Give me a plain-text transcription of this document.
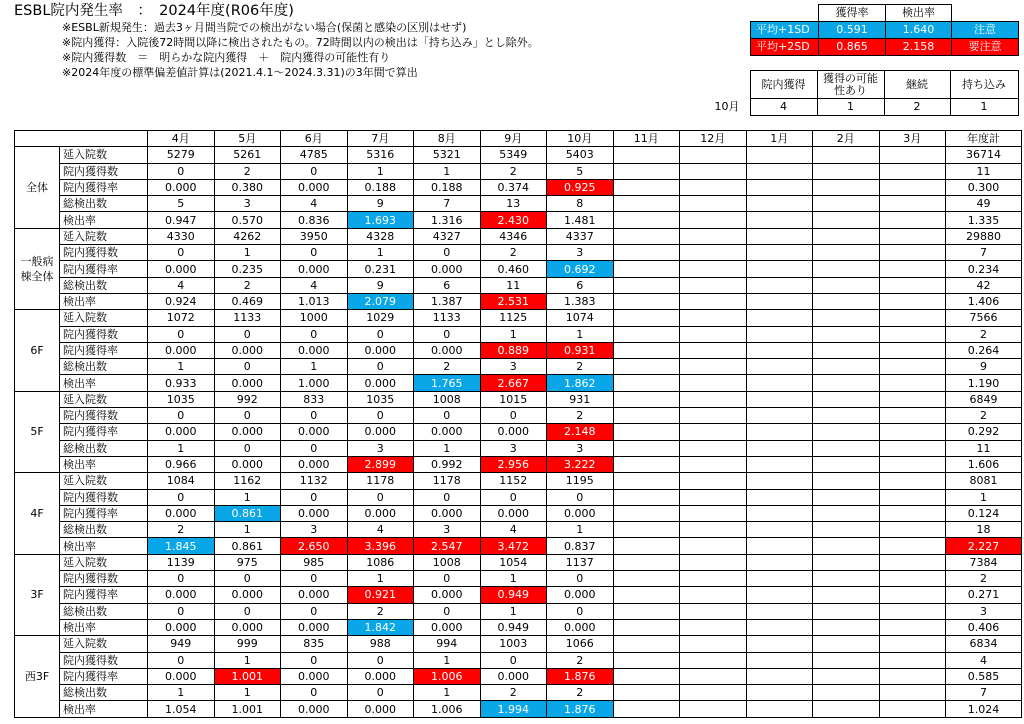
ESBL院内発生率　：　2024年度(R06年度)
※ESBL新規発生：過去3ヶ月間当院での検出がない場合(保菌と感染の区別はせず)
※院内獲得：入院後72時間以降に検出されたもの。72時間以内の検出は「持ち込み」とし除外。
※院内獲得数　＝　明らかな院内獲得　＋　院内獲得の可能性有り
※2024年度の標準偏差値計算は(2021.4.1～2024.3.31)の3年間で算出
	獲得率	検出率	
平均+1SD	0.591	1.640	注意
平均+2SD	0.865	2.158	要注意
	院内獲得	獲得の可能性あり	継続	持ち込み
10月	4	1	2	1
		4月	5月	6月	7月	8月	9月	10月	11月	12月	1月	2月	3月	年度計
全体	延入院数	5279	5261	4785	5316	5321	5349	5403						36714
	院内獲得数	0	2	0	1	1	2	5						11
	院内獲得率	0.000	0.380	0.000	0.188	0.188	0.374	0.925						0.300
	総検出数	5	3	4	9	7	13	8						49
	検出率	0.947	0.570	0.836	1.693	1.316	2.430	1.481						1.335
一般病棟全体	延入院数	4330	4262	3950	4328	4327	4346	4337						29880
	院内獲得数	0	1	0	1	0	2	3						7
	院内獲得率	0.000	0.235	0.000	0.231	0.000	0.460	0.692						0.234
	総検出数	4	2	4	9	6	11	6						42
	検出率	0.924	0.469	1.013	2.079	1.387	2.531	1.383						1.406
6F	延入院数	1072	1133	1000	1029	1133	1125	1074						7566
	院内獲得数	0	0	0	0	0	1	1						2
	院内獲得率	0.000	0.000	0.000	0.000	0.000	0.889	0.931						0.264
	総検出数	1	0	1	0	2	3	2						9
	検出率	0.933	0.000	1.000	0.000	1.765	2.667	1.862						1.190
5F	延入院数	1035	992	833	1035	1008	1015	931						6849
	院内獲得数	0	0	0	0	0	0	2						2
	院内獲得率	0.000	0.000	0.000	0.000	0.000	0.000	2.148						0.292
	総検出数	1	0	0	3	1	3	3						11
	検出率	0.966	0.000	0.000	2.899	0.992	2.956	3.222						1.606
4F	延入院数	1084	1162	1132	1178	1178	1152	1195						8081
	院内獲得数	0	1	0	0	0	0	0						1
	院内獲得率	0.000	0.861	0.000	0.000	0.000	0.000	0.000						0.124
	総検出数	2	1	3	4	3	4	1						18
	検出率	1.845	0.861	2.650	3.396	2.547	3.472	0.837						2.227
3F	延入院数	1139	975	985	1086	1008	1054	1137						7384
	院内獲得数	0	0	0	1	0	1	0						2
	院内獲得率	0.000	0.000	0.000	0.921	0.000	0.949	0.000						0.271
	総検出数	0	0	0	2	0	1	0						3
	検出率	0.000	0.000	0.000	1.842	0.000	0.949	0.000						0.406
西3F	延入院数	949	999	835	988	994	1003	1066						6834
	院内獲得数	0	1	0	0	1	0	2						4
	院内獲得率	0.000	1.001	0.000	0.000	1.006	0.000	1.876						0.585
	総検出数	1	1	0	0	1	2	2						7
	検出率	1.054	1.001	0.000	0.000	1.006	1.994	1.876						1.024
